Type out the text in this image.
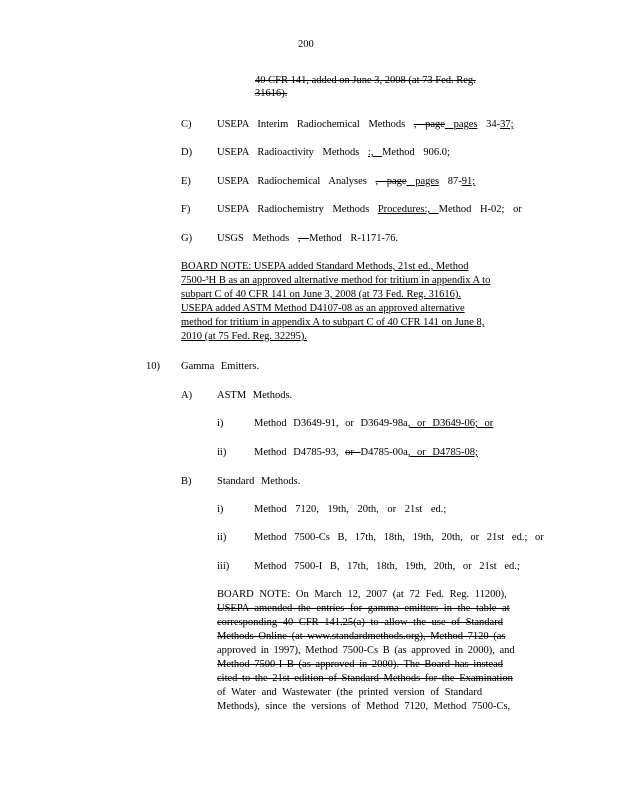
200
40 CFR 141, added on June 3, 2008 (at 73 Fed. Reg.
31616).
C) USEPA Interim Radiochemical Methods , page pages 34-37;
D) USEPA Radioactivity Methods :, Method 906.0;
E) USEPA Radiochemical Analyses , page pages 87-91;
F)	USEPA Radiochemistry Methods Procedures:, Method H-02; or
G) USGS Methods , Method R-1171-76.
BOARD NOTE: USEPA added Standard Methods, 21st ed., Method
7500-³H B as an approved alternative method for tritium in appendix A to
subpart C of 40 CFR 141 on June 3, 2008 (at 73 Fed. Reg. 31616).
USEPA added ASTM Method D4107-08 as an approved alternative
method for tritium in appendix A to subpart C of 40 CFR 141 on June 8,
2010 (at 75 Fed. Reg. 32295).
10) Gamma Emitters.
A) ASTM Methods.
i)	Method D3649-91, or D3649-98a, or D3649-06; or
ii)	Method D4785-93, or D4785-00a, or D4785-08;
B) Standard Methods.
i)	Method 7120, 19th, 20th, or 21st ed.;
ii)	Method 7500-Cs B, 17th, 18th, 19th, 20th, or 21st ed.; or
iii) Method 7500-I B, 17th, 18th, 19th, 20th, or 21st ed.;
BOARD NOTE: On March 12, 2007 (at 72 Fed. Reg. 11200),
USEPA amended the entries for gamma emitters in the table at
corresponding 40 CFR 141.25(a) to allow the use of Standard
Methods Online (at www.standardmethods.org), Method 7120 (as
approved in 1997), Method 7500-Cs B (as approved in 2000), and
Method 7500-I B (as approved in 2000). The Board has instead
cited to the 21st edition of Standard Methods for the Examination
of Water and Wastewater (the printed version of Standard
Methods), since the versions of Method 7120, Method 7500-Cs,
